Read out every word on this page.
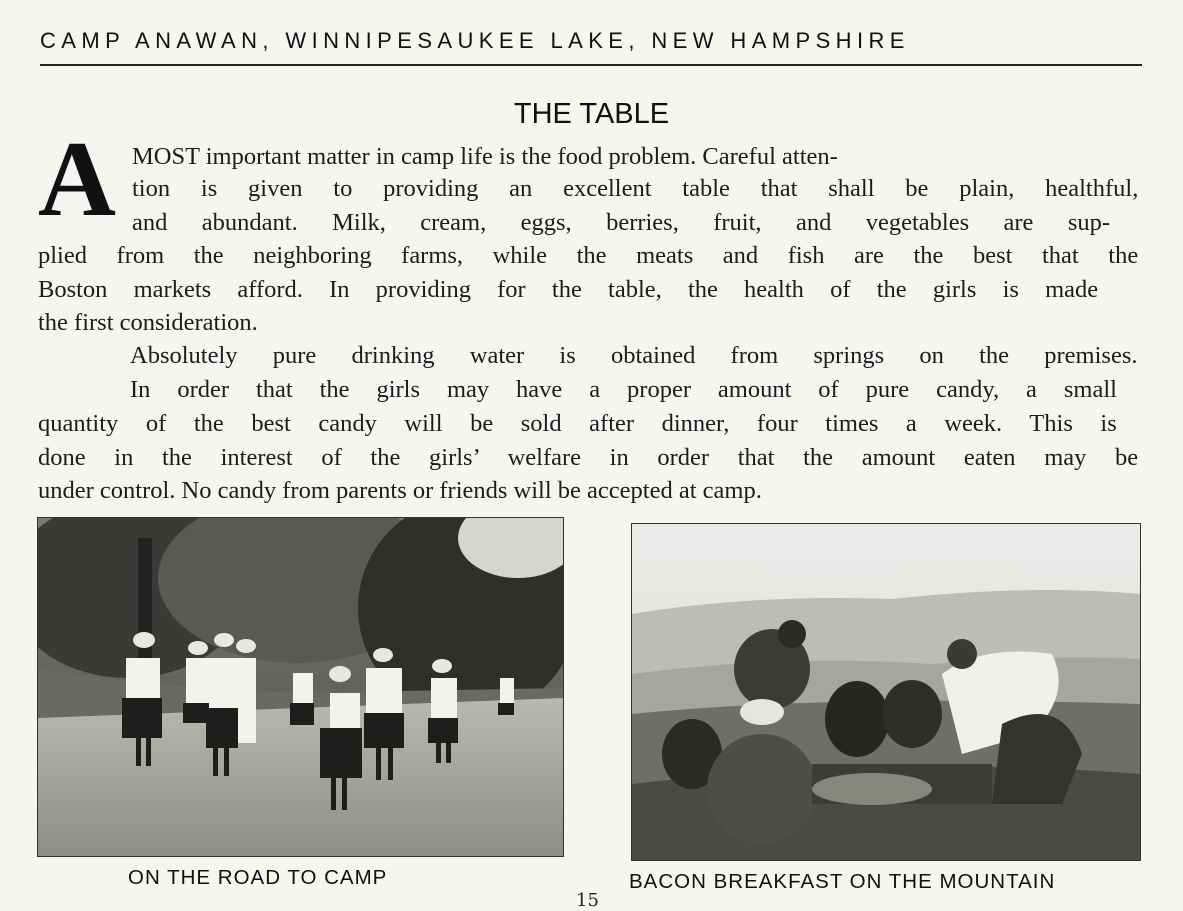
CAMP ANAWAN, WINNIPESAUKEE LAKE, NEW HAMPSHIRE
THE TABLE
A MOST important matter in camp life is the food problem. Careful atten-
tion is given to providing an excellent table that shall be plain, healthful,
and abundant. Milk, cream, eggs, berries, fruit, and vegetables are sup-
plied from the neighboring farms, while the meats and fish are the best that the
Boston markets afford. In providing for the table, the health of the girls is made
the first consideration.
Absolutely pure drinking water is obtained from springs on the premises.
In order that the girls may have a proper amount of pure candy, a small
quantity of the best candy will be sold after dinner, four times a week. This is
done in the interest of the girls’ welfare in order that the amount eaten may be
under control. No candy from parents or friends will be accepted at camp.
ON THE ROAD TO CAMP	BACON BREAKFAST ON THE MOUNTAIN
15
